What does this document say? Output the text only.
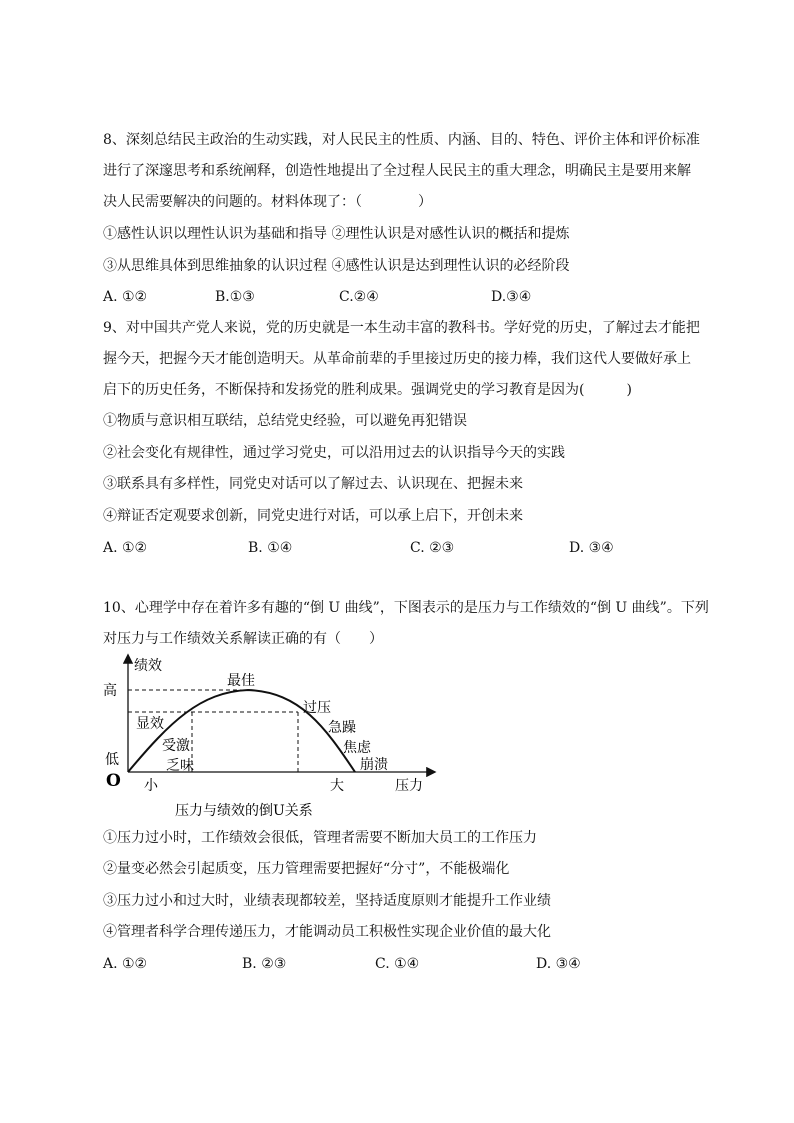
8、深刻总结民主政治的生动实践，对人民民主的性质、内涵、目的、特色、评价主体和评价标准
进行了深邃思考和系统阐释，创造性地提出了全过程人民民主的重大理念，明确民主是要用来解
决人民需要解决的问题的。材料体现了：（　　　　）
①感性认识以理性认识为基础和指导 ②理性认识是对感性认识的概括和提炼
③从思维具体到思维抽象的认识过程 ④感性认识是达到理性认识的必经阶段
A. ①②	B.①③	C.②④	D.③④
9、对中国共产党人来说，党的历史就是一本生动丰富的教科书。学好党的历史，了解过去才能把
握今天，把握今天才能创造明天。从革命前辈的手里接过历史的接力棒，我们这代人要做好承上
启下的历史任务，不断保持和发扬党的胜利成果。强调党史的学习教育是因为(　　　)
①物质与意识相互联结，总结党史经验，可以避免再犯错误
②社会变化有规律性，通过学习党史，可以沿用过去的认识指导今天的实践
③联系具有多样性，同党史对话可以了解过去、认识现在、把握未来
④辩证否定观要求创新，同党史进行对话，可以承上启下，开创未来
A. ①②	B. ①④	C. ②③	D. ③④
10、心理学中存在着许多有趣的“倒 U 曲线”，下图表示的是压力与工作绩效的“倒 U 曲线”。下列
对压力与工作绩效关系解读正确的有（　　）
绩效
压力
O
高
低
小	大
最佳
显效
受激
乏味
过压
急躁
焦虑
崩溃
压力与绩效的倒U关系
①压力过小时，工作绩效会很低，管理者需要不断加大员工的工作压力
②量变必然会引起质变，压力管理需要把握好“分寸”，不能极端化
③压力过小和过大时，业绩表现都较差，坚持适度原则才能提升工作业绩
④管理者科学合理传递压力，才能调动员工积极性实现企业价值的最大化
A. ①②	B. ②③	C. ①④	D. ③④
